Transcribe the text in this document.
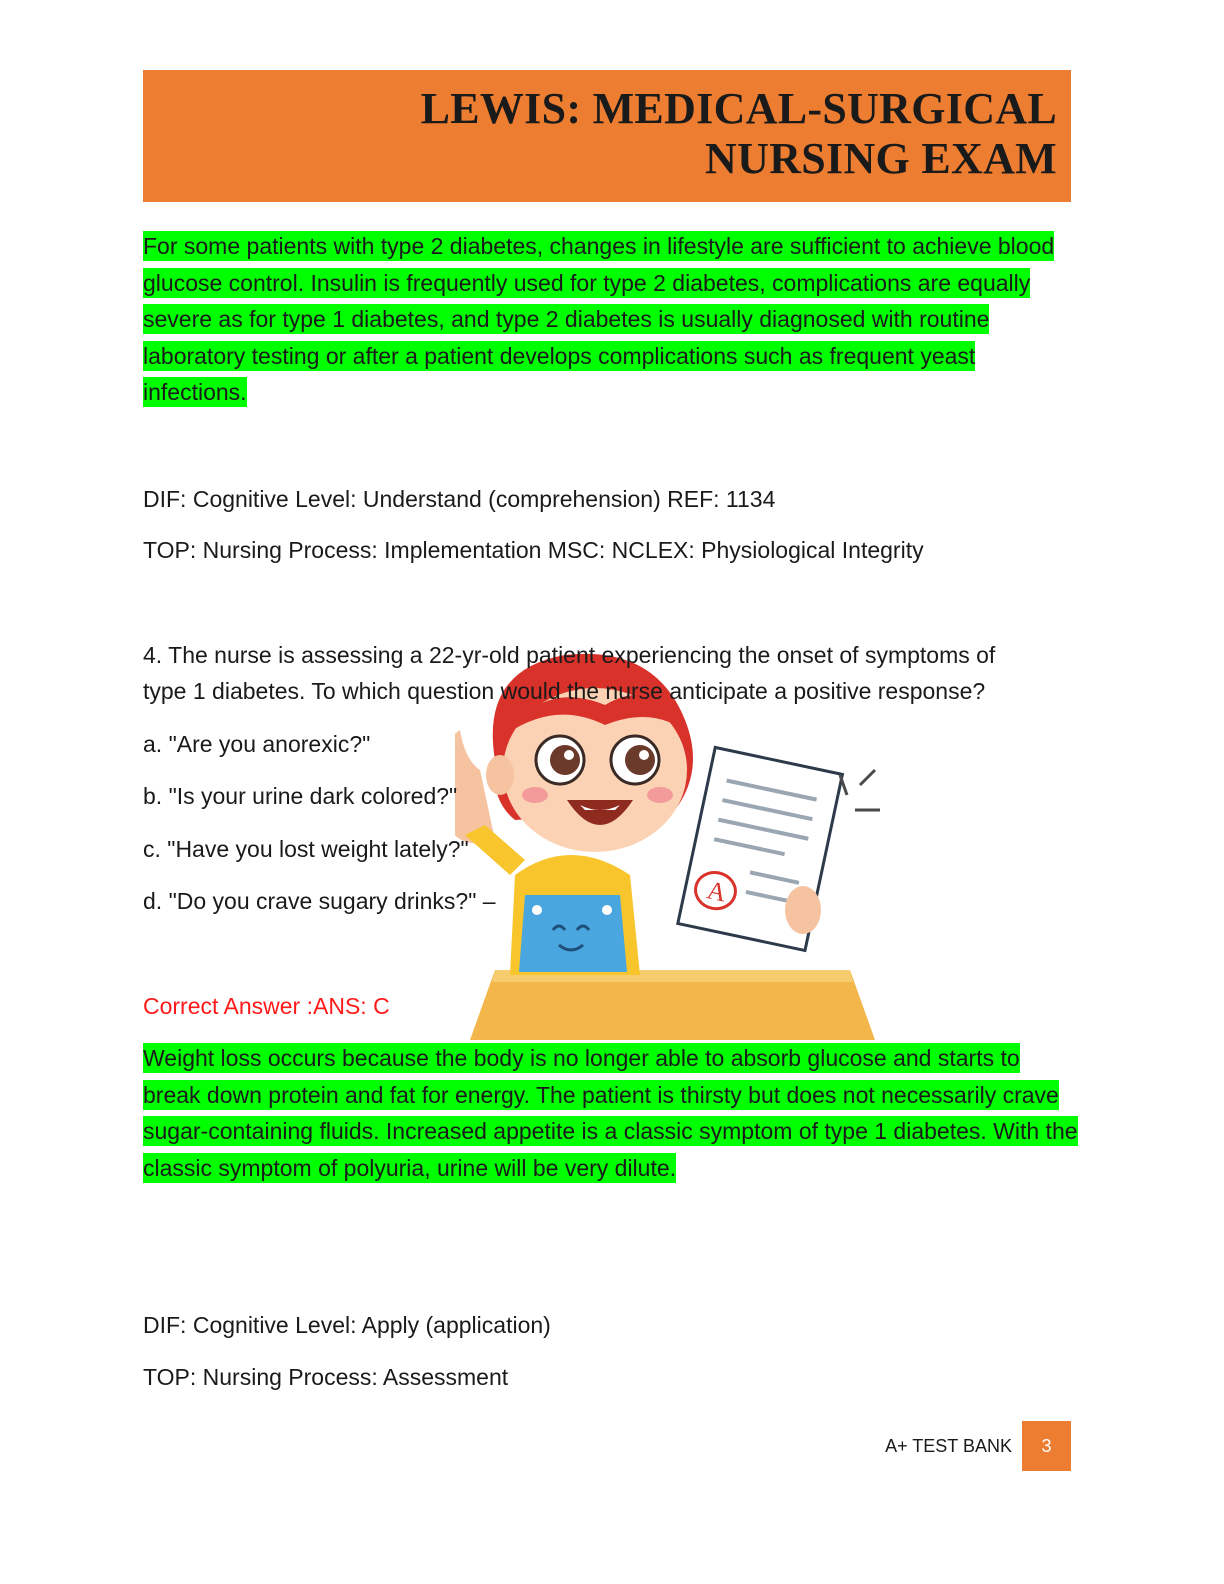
LEWIS: MEDICAL-SURGICAL
NURSING EXAM
For some patients with type 2 diabetes, changes in lifestyle are sufficient to achieve blood glucose control. Insulin is frequently used for type 2 diabetes, complications are equally severe as for type 1 diabetes, and type 2 diabetes is usually diagnosed with routine laboratory testing or after a patient develops complications such as frequent yeast infections.
DIF: Cognitive Level: Understand (comprehension) REF: 1134
TOP: Nursing Process: Implementation MSC: NCLEX: Physiological Integrity
A
4. The nurse is assessing a 22-yr-old patient experiencing the onset of symptoms of
type 1 diabetes. To which question would the nurse anticipate a positive response?
a. "Are you anorexic?"
b. "Is your urine dark colored?"
c. "Have you lost weight lately?"
d. "Do you crave sugary drinks?" –
Correct Answer :ANS: C
Weight loss occurs because the body is no longer able to absorb glucose and starts to break down protein and fat for energy. The patient is thirsty but does not necessarily crave sugar-containing fluids. Increased appetite is a classic symptom of type 1 diabetes. With the classic symptom of polyuria, urine will be very dilute.
DIF: Cognitive Level: Apply (application)
TOP: Nursing Process: Assessment
A+ TEST BANK	3
